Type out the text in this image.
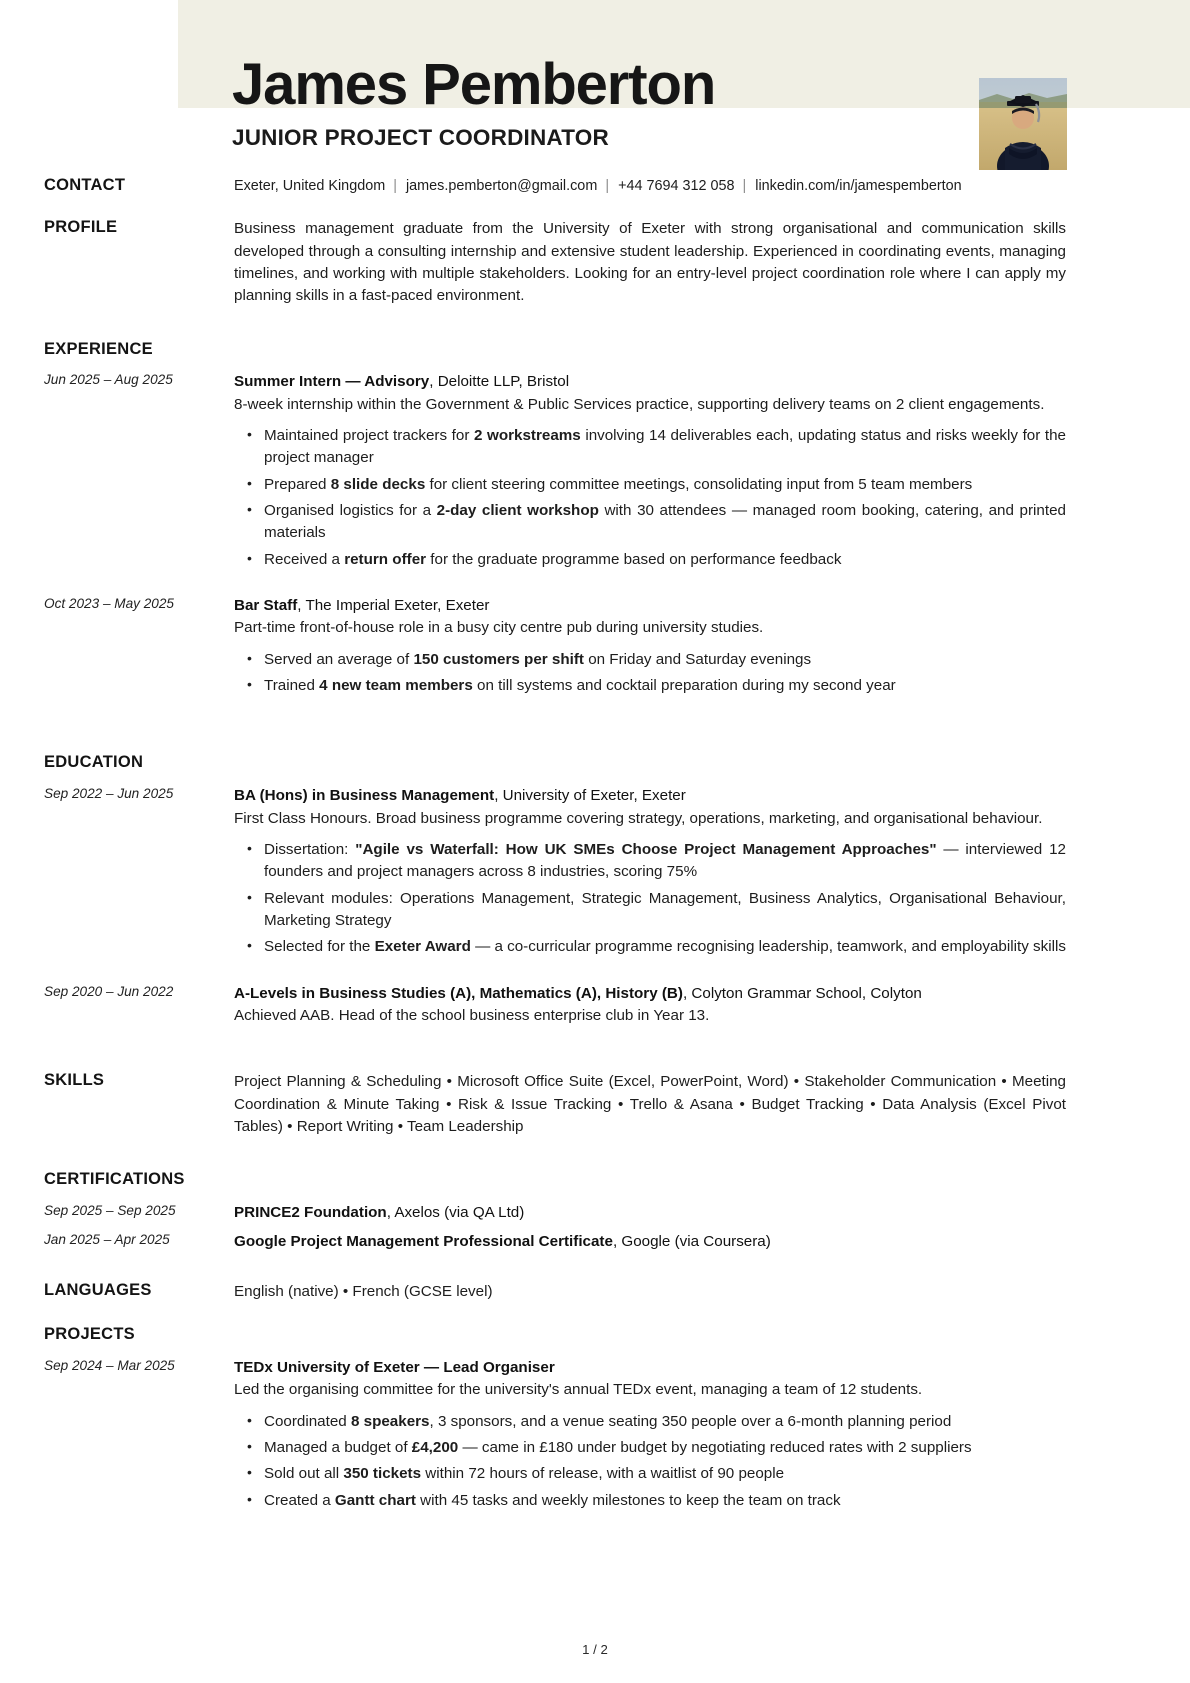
James Pemberton
JUNIOR PROJECT COORDINATOR
CONTACT	Exeter, United Kingdom | james.pemberton@gmail.com | +44 7694 312 058 | linkedin.com/in/jamespemberton
PROFILE	Business management graduate from the University of Exeter with strong organisational and communication skills developed through a consulting internship and extensive student leadership. Experienced in coordinating events, managing timelines, and working with multiple stakeholders. Looking for an entry-level project coordination role where I can apply my planning skills in a fast-paced environment.
EXPERIENCE
Jun 2025 – Aug 2025	Summer Intern — Advisory, Deloitte LLP, Bristol
8-week internship within the Government & Public Services practice, supporting delivery teams on 2 client engagements.
• Maintained project trackers for 2 workstreams involving 14 deliverables each, updating status and risks weekly for the project manager
• Prepared 8 slide decks for client steering committee meetings, consolidating input from 5 team members
• Organised logistics for a 2-day client workshop with 30 attendees — managed room booking, catering, and printed materials
• Received a return offer for the graduate programme based on performance feedback
Oct 2023 – May 2025	Bar Staff, The Imperial Exeter, Exeter
Part-time front-of-house role in a busy city centre pub during university studies.
• Served an average of 150 customers per shift on Friday and Saturday evenings
• Trained 4 new team members on till systems and cocktail preparation during my second year
EDUCATION
Sep 2022 – Jun 2025	BA (Hons) in Business Management, University of Exeter, Exeter
First Class Honours. Broad business programme covering strategy, operations, marketing, and organisational behaviour.
• Dissertation: "Agile vs Waterfall: How UK SMEs Choose Project Management Approaches" — interviewed 12 founders and project managers across 8 industries, scoring 75%
• Relevant modules: Operations Management, Strategic Management, Business Analytics, Organisational Behaviour, Marketing Strategy
• Selected for the Exeter Award — a co-curricular programme recognising leadership, teamwork, and employability skills
Sep 2020 – Jun 2022	A-Levels in Business Studies (A), Mathematics (A), History (B), Colyton Grammar School, Colyton
Achieved AAB. Head of the school business enterprise club in Year 13.
SKILLS	Project Planning & Scheduling • Microsoft Office Suite (Excel, PowerPoint, Word) • Stakeholder Communication • Meeting Coordination & Minute Taking • Risk & Issue Tracking • Trello & Asana • Budget Tracking • Data Analysis (Excel Pivot Tables) • Report Writing • Team Leadership
CERTIFICATIONS
Sep 2025 – Sep 2025	PRINCE2 Foundation, Axelos (via QA Ltd)
Jan 2025 – Apr 2025	Google Project Management Professional Certificate, Google (via Coursera)
LANGUAGES	English (native) • French (GCSE level)
PROJECTS
Sep 2024 – Mar 2025	TEDx University of Exeter — Lead Organiser
Led the organising committee for the university's annual TEDx event, managing a team of 12 students.
• Coordinated 8 speakers, 3 sponsors, and a venue seating 350 people over a 6-month planning period
• Managed a budget of £4,200 — came in £180 under budget by negotiating reduced rates with 2 suppliers
• Sold out all 350 tickets within 72 hours of release, with a waitlist of 90 people
• Created a Gantt chart with 45 tasks and weekly milestones to keep the team on track
1 / 2
